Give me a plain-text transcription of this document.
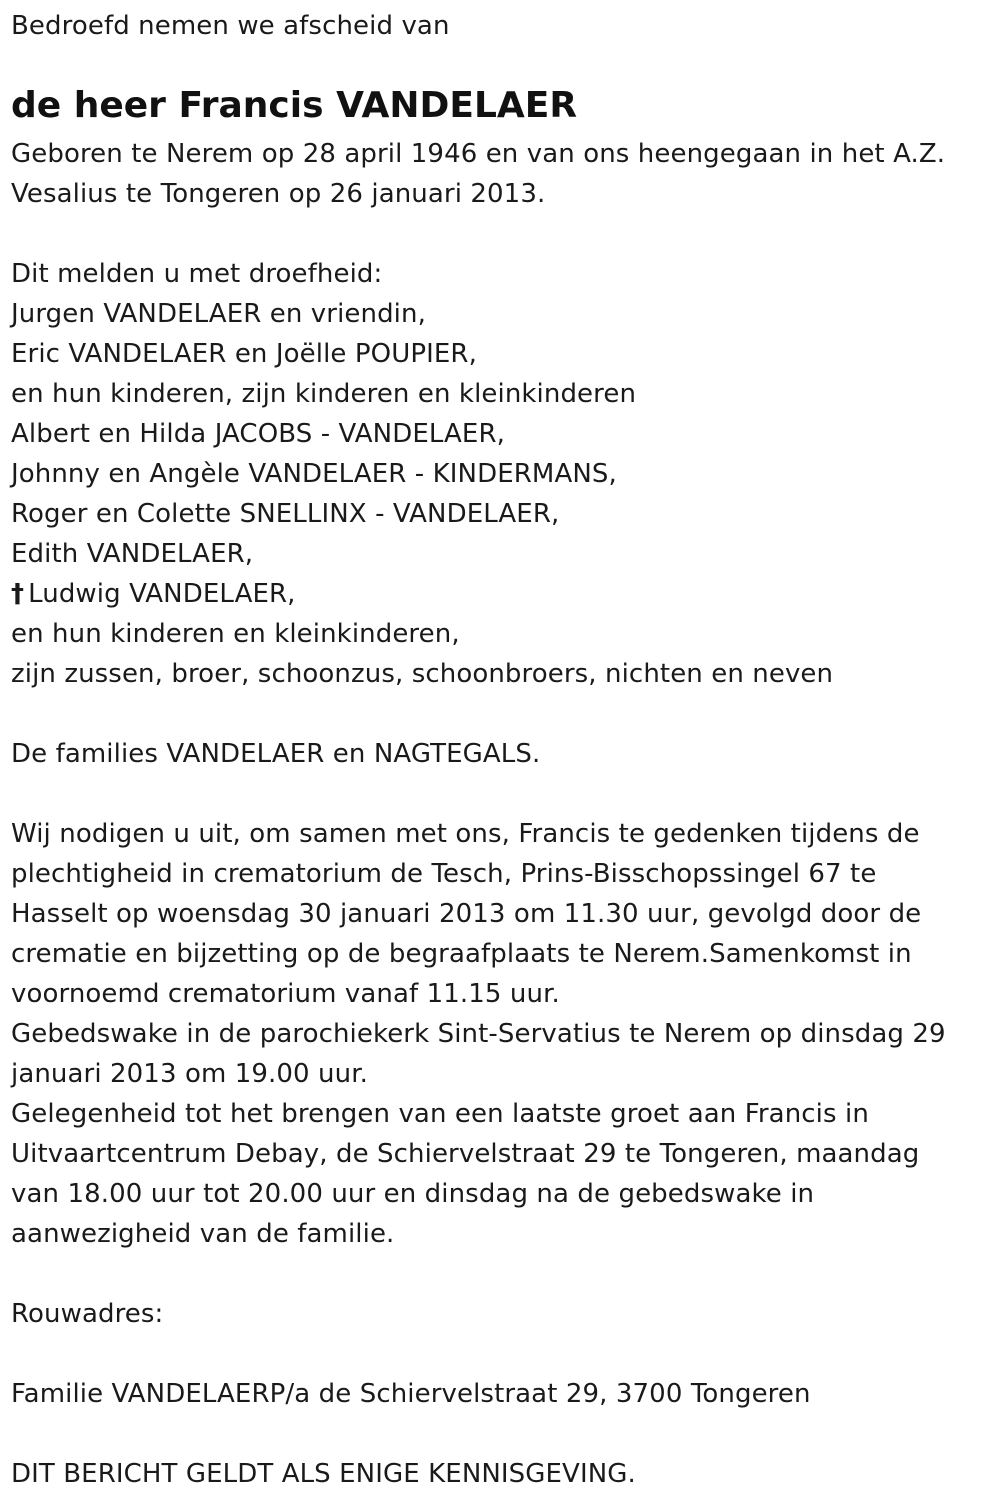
Bedroefd nemen we afscheid van
de heer Francis VANDELAER
Geboren te Nerem op 28 april 1946 en van ons heengegaan in het A.Z.
Vesalius te Tongeren op 26 januari 2013.
Dit melden u met droefheid:
Jurgen VANDELAER en vriendin,
Eric VANDELAER en Joëlle POUPIER,
en hun kinderen, zijn kinderen en kleinkinderen
Albert en Hilda JACOBS - VANDELAER,
Johnny en Angèle VANDELAER - KINDERMANS,
Roger en Colette SNELLINX - VANDELAER,
Edith VANDELAER,
† Ludwig VANDELAER,
en hun kinderen en kleinkinderen,
zijn zussen, broer, schoonzus, schoonbroers, nichten en neven
De families VANDELAER en NAGTEGALS.
Wij nodigen u uit, om samen met ons, Francis te gedenken tijdens de
plechtigheid in crematorium de Tesch, Prins-Bisschopssingel 67 te
Hasselt op woensdag 30 januari 2013 om 11.30 uur, gevolgd door de
crematie en bijzetting op de begraafplaats te Nerem.Samenkomst in
voornoemd crematorium vanaf 11.15 uur.
Gebedswake in de parochiekerk Sint-Servatius te Nerem op dinsdag 29
januari 2013 om 19.00 uur.
Gelegenheid tot het brengen van een laatste groet aan Francis in
Uitvaartcentrum Debay, de Schiervelstraat 29 te Tongeren, maandag
van 18.00 uur tot 20.00 uur en dinsdag na de gebedswake in
aanwezigheid van de familie.
Rouwadres:
Familie VANDELAERP/a de Schiervelstraat 29, 3700 Tongeren
DIT BERICHT GELDT ALS ENIGE KENNISGEVING.
